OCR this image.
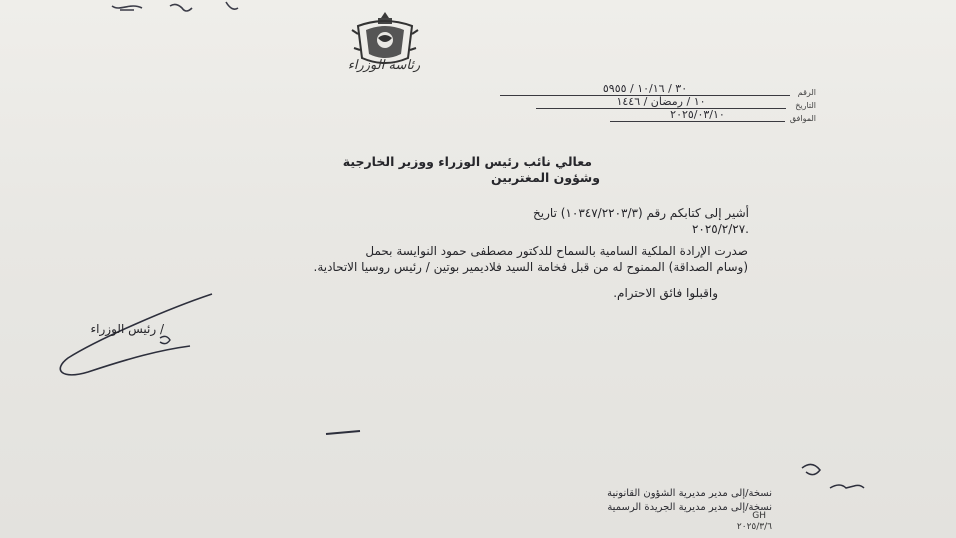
رئاسة الوزراء
الرقم
التاريخ
الموافق
٣٠ / ١٠/١٦ / ٥٩٥٥
١٠ / رمضان / ١٤٤٦
٢٠٢٥/٠٣/١٠
معالي نائب رئيس الوزراء ووزير الخارجية
وشؤون المغتربين
أشير إلى كتابكم رقم (١٠٣٤٧/٢٢٠٣/٣) تاريخ
٢٠٢٥/٢/٢٧.
صدرت الإرادة الملكية السامية بالسماح للدكتور مصطفى حمود النوايسة بحمل
(وسام الصداقة) الممنوح له من قبل فخامة السيد فلاديمير بوتين / رئيس روسيا الاتحادية.
واقبلوا فائق الاحترام.
/ رئيس الوزراء
نسخة/إلى مدير مديرية الشؤون القانونية
نسخة/إلى مدير مديرية الجريدة الرسمية
GH
٢٠٢٥/٣/٦
